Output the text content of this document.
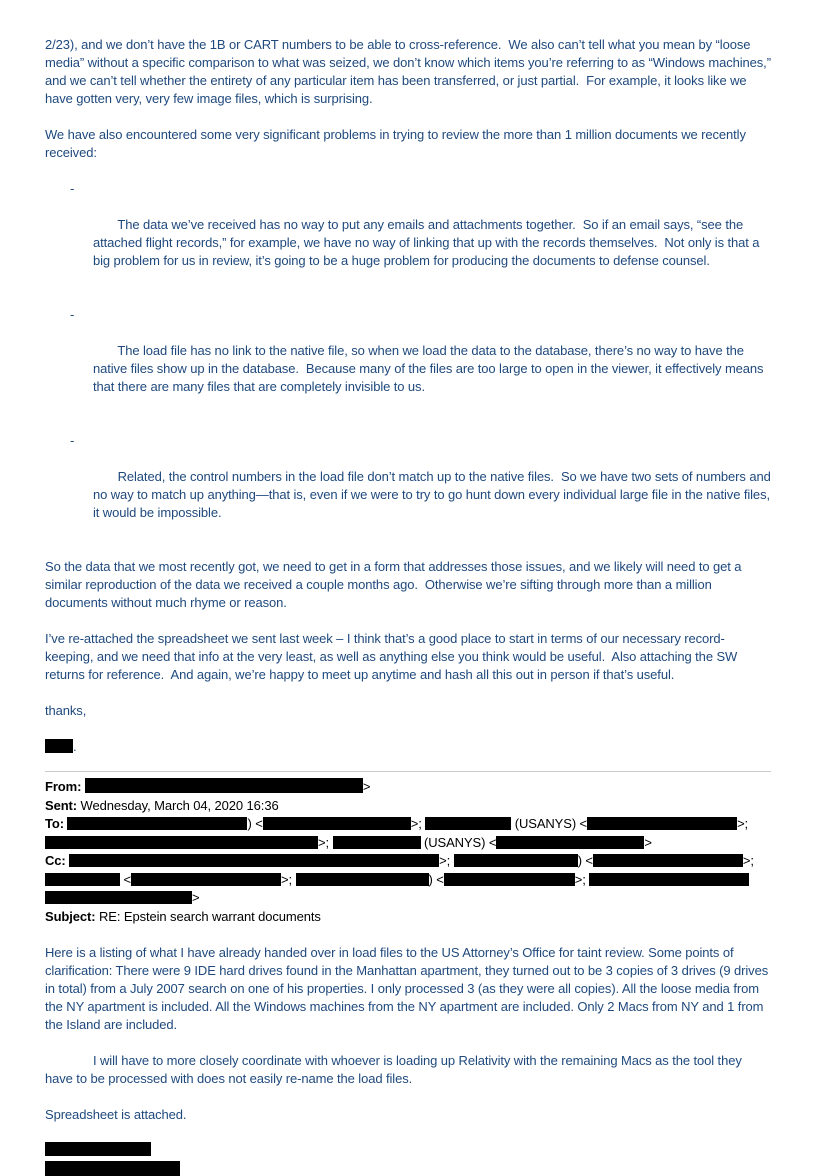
2/23), and we don’t have the 1B or CART numbers to be able to cross-reference.  We also can’t tell what you mean by “loose media” without a specific comparison to what was seized, we don’t know which items you’re referring to as “Windows machines,” and we can’t tell whether the entirety of any particular item has been transferred, or just partial.  For example, it looks like we have gotten very, very few image files, which is surprising.

We have also encountered some very significant problems in trying to review the more than 1 million documents we recently received:

-

The data we’ve received has no way to put any emails and attachments together.  So if an email says, “see the attached flight records,” for example, we have no way of linking that up with the records themselves.  Not only is that a big problem for us in review, it’s going to be a huge problem for producing the documents to defense counsel.

-

The load file has no link to the native file, so when we load the data to the database, there’s no way to have the native files show up in the database.  Because many of the files are too large to open in the viewer, it effectively means that there are many files that are completely invisible to us.

-

Related, the control numbers in the load file don’t match up to the native files.  So we have two sets of numbers and no way to match up anything—that is, even if we were to try to go hunt down every individual large file in the native files, it would be impossible.

So the data that we most recently got, we need to get in a form that addresses those issues, and we likely will need to get a similar reproduction of the data we received a couple months ago.  Otherwise we’re sifting through more than a million documents without much rhyme or reason.

I’ve re-attached the spreadsheet we sent last week – I think that’s a good place to start in terms of our necessary record-keeping, and we need that info at the very least, as well as anything else you think would be useful.  Also attaching the SW returns for reference.  And again, we’re happy to meet up anytime and hash all this out in person if that’s useful.

thanks,

.

From:	>
Sent: Wednesday, March 04, 2020 16:36
To:	) <	>;	(USANYS) <	>;
>;	(USANYS) <	>
Cc:	>;	) <	>;
<	>;	) <	>;
>
Subject: RE: Epstein search warrant documents

Here is a listing of what I have already handed over in load files to the US Attorney’s Office for taint review. Some points of clarification: There were 9 IDE hard drives found in the Manhattan apartment, they turned out to be 3 copies of 3 drives (9 drives in total) from a July 2007 search on one of his properties. I only processed 3 (as they were all copies). All the loose media from the NY apartment is included. All the Windows machines from the NY apartment are included. Only 2 Macs from NY and 1 from the Island are included.

I will have to more closely coordinate with whoever is loading up Relativity with the remaining Macs as the tool they have to be processed with does not easily re-name the load files.

Spreadsheet is attached.
